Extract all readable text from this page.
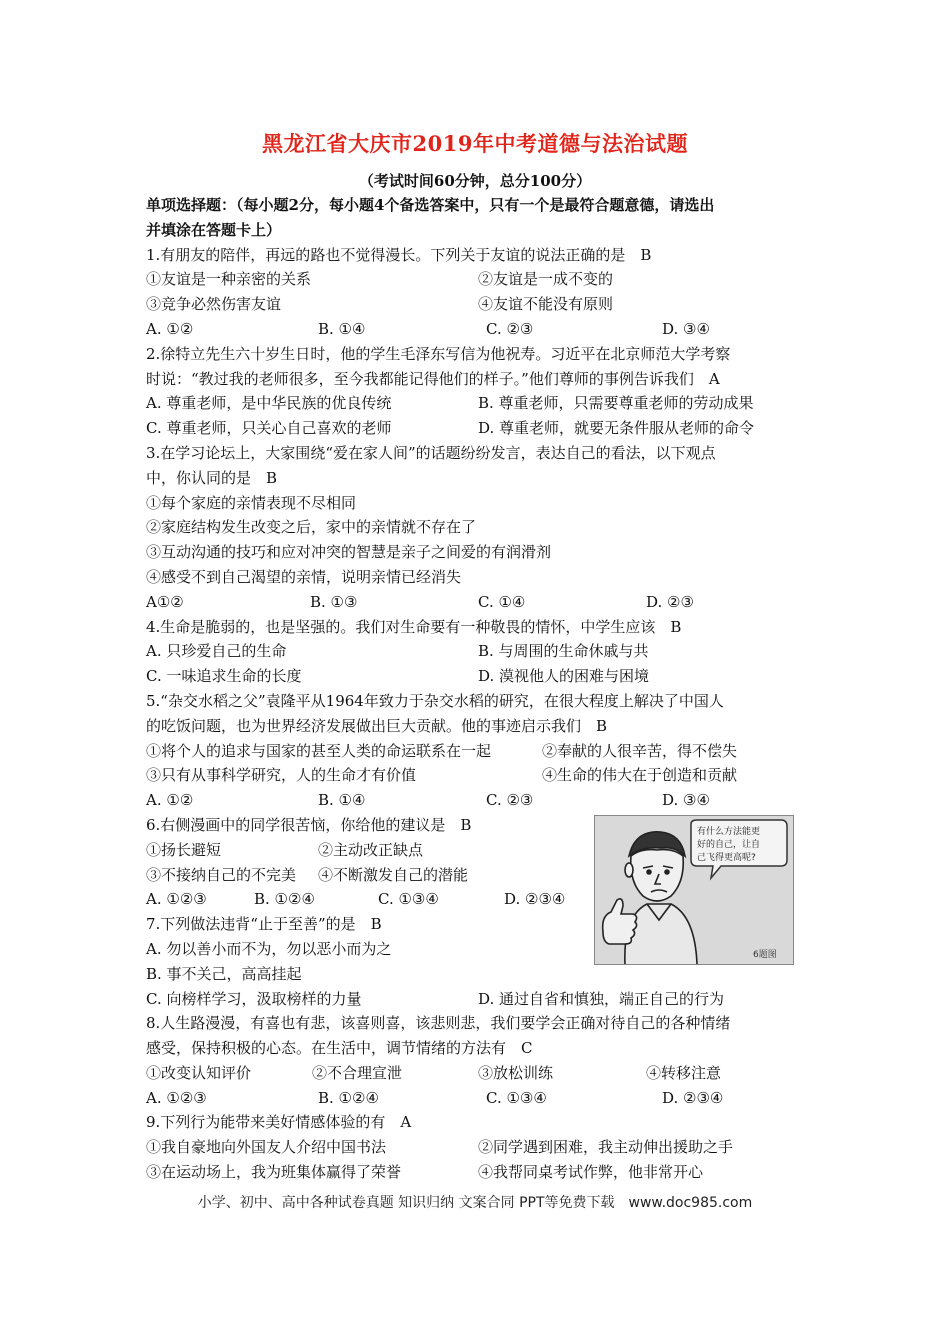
黑龙江省大庆市2019年中考道德与法治试题
（考试时间60分钟，总分100分）
单项选择题：（每小题2分，每小题4个备选答案中，只有一个是最符合题意德，请选出
并填涂在答题卡上）
1.有朋友的陪伴，再远的路也不觉得漫长。下列关于友谊的说法正确的是　B
①友谊是一种亲密的关系	②友谊是一成不变的
③竞争必然伤害友谊	④友谊不能没有原则
A. ①②	B. ①④	C. ②③	D. ③④
2.徐特立先生六十岁生日时，他的学生毛泽东写信为他祝寿。习近平在北京师范大学考察
时说：“教过我的老师很多，至今我都能记得他们的样子。”他们尊师的事例告诉我们　A
A. 尊重老师，是中华民族的优良传统	B. 尊重老师，只需要尊重老师的劳动成果
C. 尊重老师，只关心自己喜欢的老师	D. 尊重老师，就要无条件服从老师的命令
3.在学习论坛上，大家围绕“爱在家人间”的话题纷纷发言，表达自己的看法，以下观点
中，你认同的是　B
①每个家庭的亲情表现不尽相同
②家庭结构发生改变之后，家中的亲情就不存在了
③互动沟通的技巧和应对冲突的智慧是亲子之间爱的有润滑剂
④感受不到自己渴望的亲情，说明亲情已经消失
A①②	B. ①③	C. ①④	D. ②③
4.生命是脆弱的，也是坚强的。我们对生命要有一种敬畏的情怀，中学生应该　B
A. 只珍爱自己的生命	B. 与周围的生命休戚与共
C. 一味追求生命的长度	D. 漠视他人的困难与困境
5.“杂交水稻之父”袁隆平从1964年致力于杂交水稻的研究，在很大程度上解决了中国人
的吃饭问题，也为世界经济发展做出巨大贡献。他的事迹启示我们　B
①将个人的追求与国家的甚至人类的命运联系在一起	②奉献的人很辛苦，得不偿失
③只有从事科学研究，人的生命才有价值	④生命的伟大在于创造和贡献
A. ①②	B. ①④	C. ②③	D. ③④
6.右侧漫画中的同学很苦恼，你给他的建议是　B
①扬长避短	②主动改正缺点
③不接纳自己的不完美 ④不断激发自己的潜能
A. ①②③	B. ①②④	C. ①③④	D. ②③④
7.下列做法违背“止于至善”的是　B
A. 勿以善小而不为，勿以恶小而为之
B. 事不关己，高高挂起
C. 向榜样学习，汲取榜样的力量	D. 通过自省和慎独，端正自己的行为
8.人生路漫漫，有喜也有悲，该喜则喜，该悲则悲，我们要学会正确对待自己的各种情绪
感受，保持积极的心态。在生活中，调节情绪的方法有　C
①改变认知评价	②不合理宣泄	③放松训练	④转移注意
A. ①②③	B. ①②④	C. ①③④	D. ②③④
9.下列行为能带来美好情感体验的有　A
①我自豪地向外国友人介绍中国书法	②同学遇到困难，我主动伸出援助之手
③在运动场上，我为班集体赢得了荣誉	④我帮同桌考试作弊，他非常开心
有什么方法能更
好的自己，让自
己飞得更高呢?
6题图
小学、初中、高中各种试卷真题 知识归纳 文案合同 PPT等免费下载　www.doc985.com
